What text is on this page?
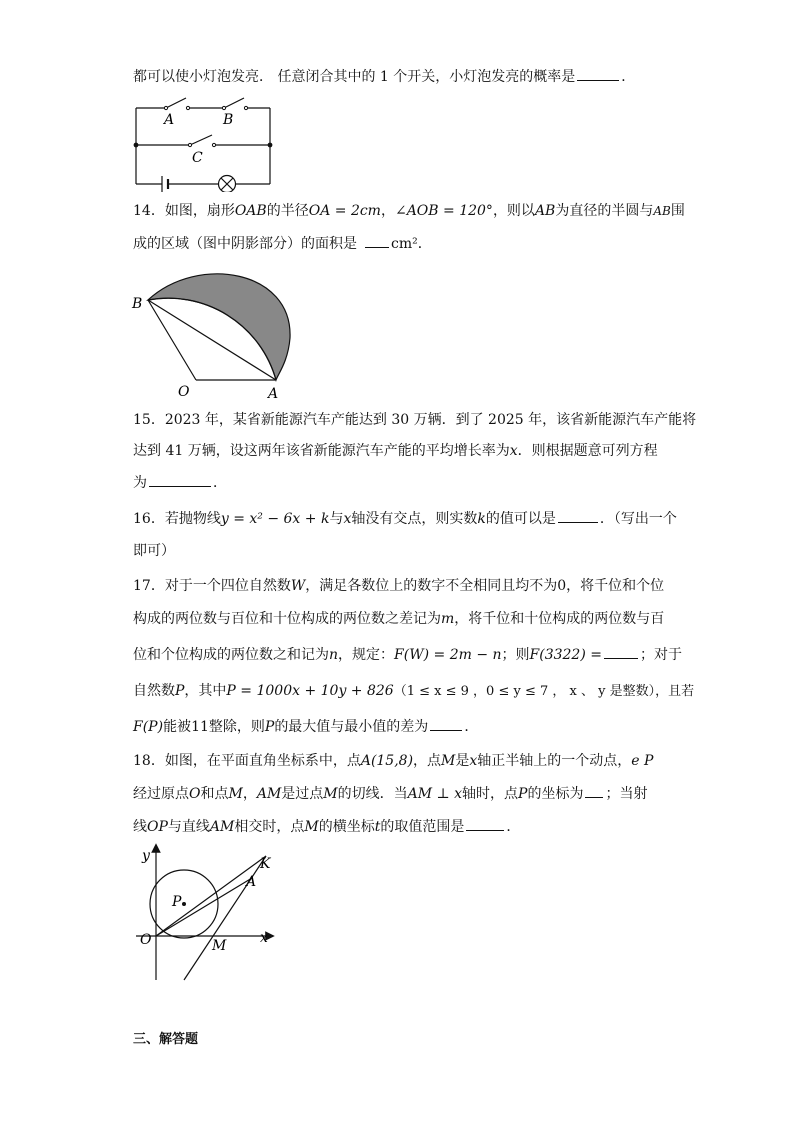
都可以使小灯泡发亮． 任意闭合其中的 1 个开关，小灯泡发亮的概率是	．
A	B
C
14．如图，扇形OAB的半径OA = 2cm，∠AOB = 120°，则以AB为直径的半圆与AB围
成的区域（图中阴影部分）的面积是 cm²．
B
O	A
15．2023 年，某省新能源汽车产能达到 30 万辆．到了 2025 年，该省新能源汽车产能将
达到 41 万辆，设这两年该省新能源汽车产能的平均增长率为x．则根据题意可列方程
为	．
16．若抛物线y = x² − 6x + k与x轴没有交点，则实数k的值可以是	．（写出一个
即可）
17．对于一个四位自然数W，满足各数位上的数字不全相同且均不为0，将千位和个位
构成的两位数与百位和十位构成的两位数之差记为m，将千位和十位构成的两位数与百
位和个位构成的两位数之和记为n，规定：F(W) = 2m − n；则F(3322) =	；对于
自然数P，其中P = 1000x + 10y + 826（1 ≤ x ≤ 9 ，0 ≤ y ≤ 7 ， x 、 y 是整数），且若
F(P)能被11整除，则P的最大值与最小值的差为	．
18．如图，在平面直角坐标系中，点A(15,8)，点M是x轴正半轴上的一个动点，e P
经过原点O和点M，AM是过点M的切线．当AM ⊥ x轴时，点P的坐标为 ；当射
线OP与直线AM相交时，点M的横坐标t的取值范围是	．
y	K
A
P
O	M x
三、解答题
